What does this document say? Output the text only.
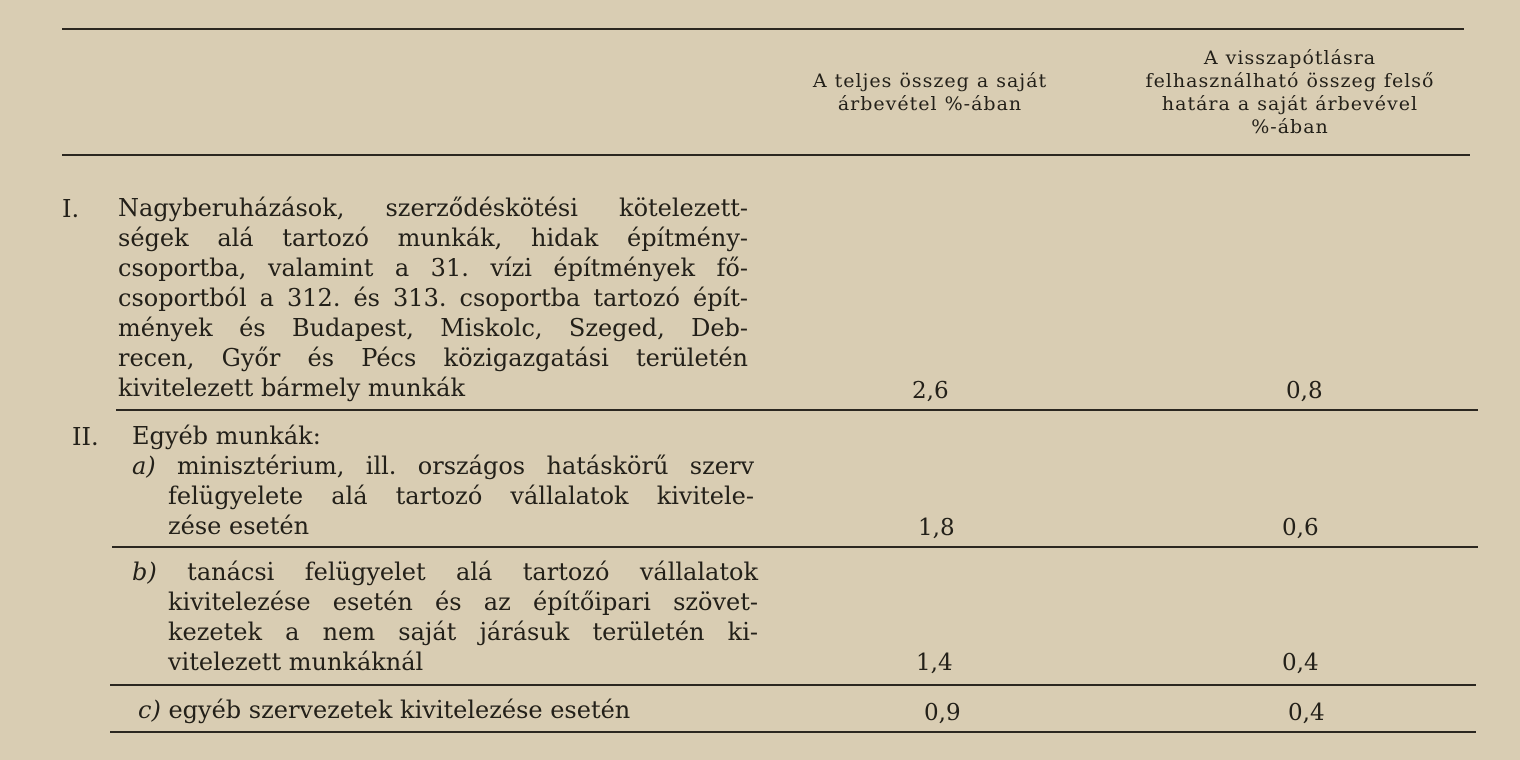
A teljes összeg a saját
árbevétel %-ában
A visszapótlásra
felhasználható összeg felső
határa a saját árbevével
%-ában
I. Nagyberuházások, szerződéskötési kötelezett-
ségek alá tartozó munkák, hidak építmény-
csoportba, valamint a 31. vízi építmények fő-
csoportból a 312. és 313. csoportba tartozó épít-
mények és Budapest, Miskolc, Szeged, Deb-
recen, Győr és Pécs közigazgatási területén
kivitelezett bármely munkák	2,6	0,8
II. Egyéb munkák:
a) minisztérium, ill. országos hatáskörű szerv
felügyelete alá tartozó vállalatok kivitele-
zése esetén	1,8	0,6
b) tanácsi felügyelet alá tartozó vállalatok
kivitelezése esetén és az építőipari szövet-
kezetek a nem saját járásuk területén ki-
vitelezett munkáknál	1,4	0,4
c) egyéb szervezetek kivitelezése esetén	0,9	0,4
